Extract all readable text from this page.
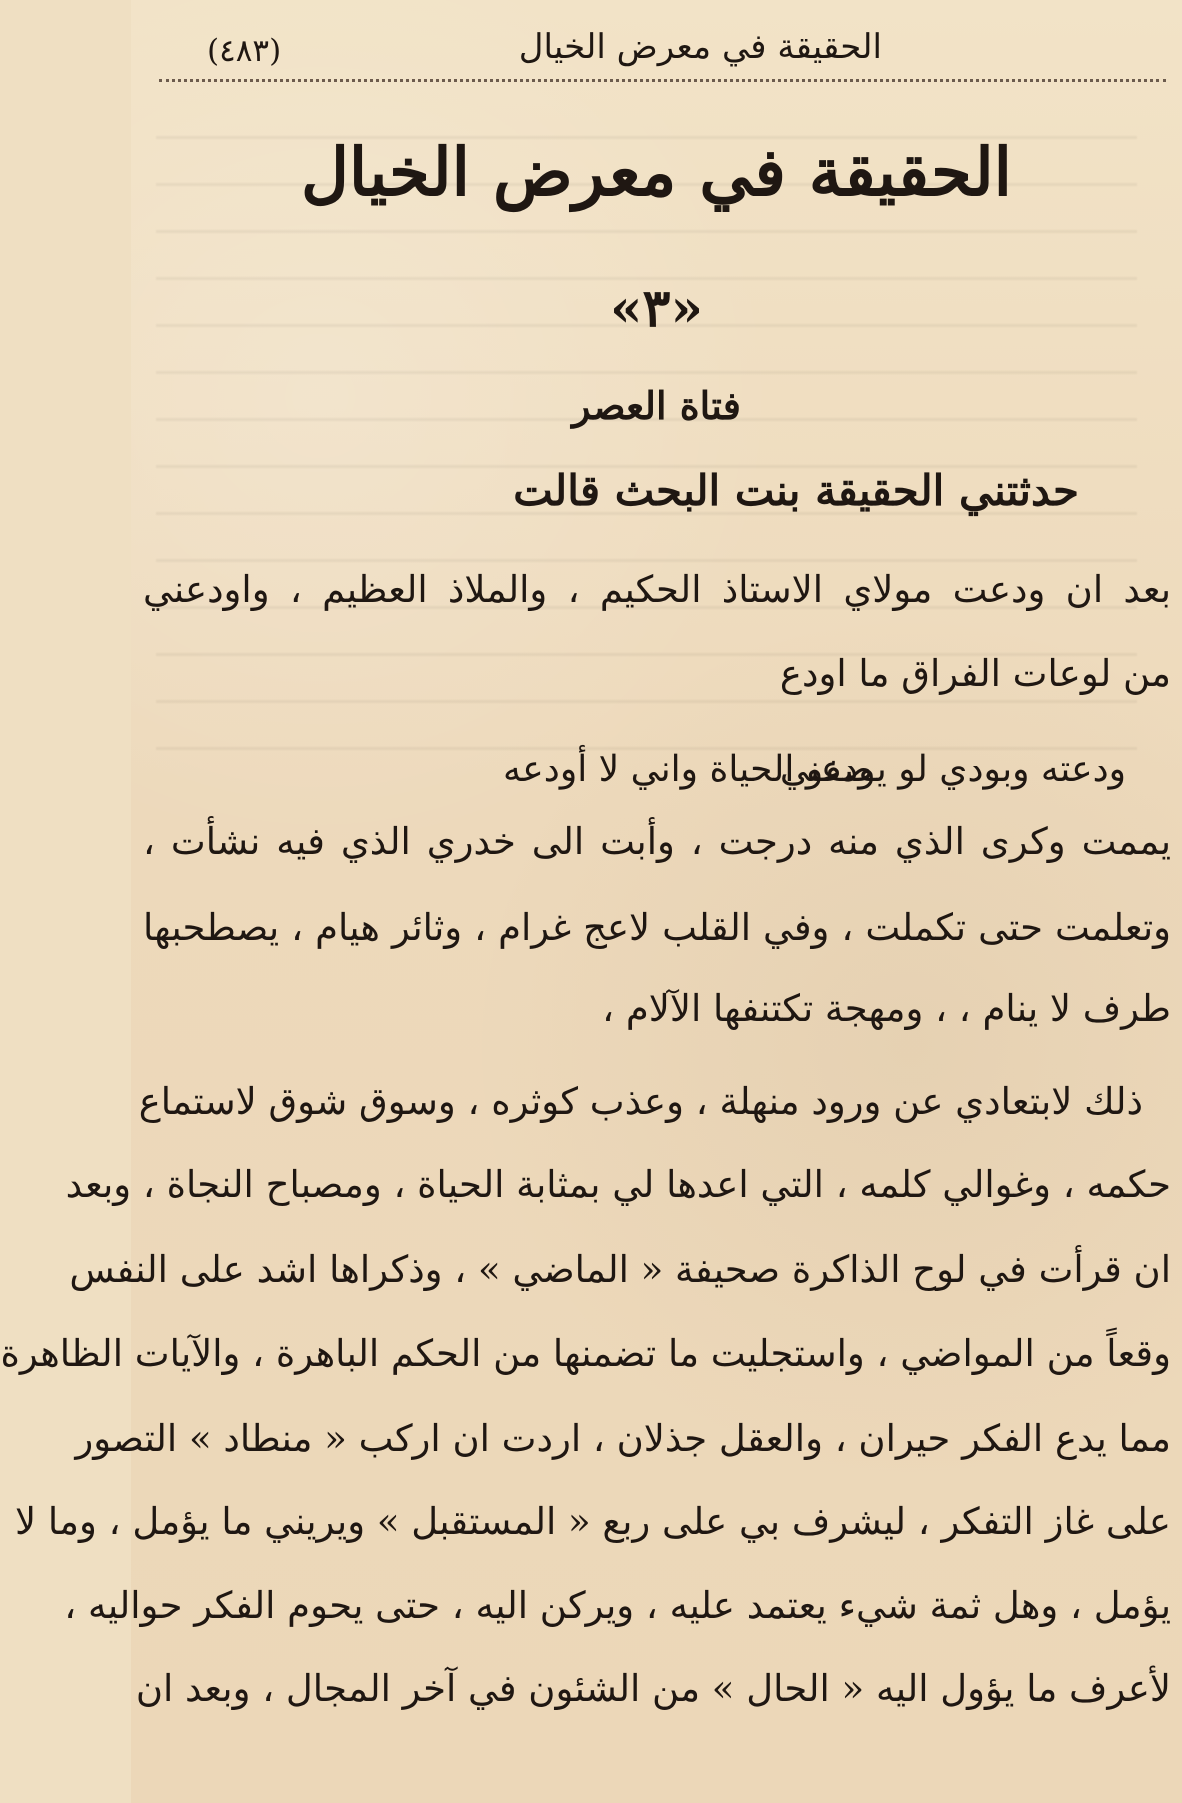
الحقيقة في معرض الخيال
(٤٨٣)
الحقيقة في معرض الخيال
«٣»
فتاة العصر
حدثتني الحقيقة بنت البحث قالت
بعد ان ودعت مولاي الاستاذ الحكيم ، والملاذ العظيم ، واودعني
من لوعات الفراق ما اودع
ودعته وبودي لو يودعني
صفو الحياة واني لا أودعه
يممت وكرى الذي منه درجت ، وأبت الى خدري الذي فيه نشأت ،
وتعلمت حتى تكملت ، وفي القلب لاعج غرام ، وثائر هيام ، يصطحبها
طرف لا ينام ، ، ومهجة تكتنفها الآلام ،
ذلك لابتعادي عن ورود منهلة ، وعذب كوثره ، وسوق شوق لاستماع
حكمه ، وغوالي كلمه ، التي اعدها لي بمثابة الحياة ، ومصباح النجاة ، وبعد
ان قرأت في لوح الذاكرة صحيفة « الماضي » ، وذكراها اشد على النفس
وقعاً من المواضي ، واستجليت ما تضمنها من الحكم الباهرة ، والآيات الظاهرة
مما يدع الفكر حيران ، والعقل جذلان ، اردت ان اركب « منطاد » التصور
على غاز التفكر ، ليشرف بي على ربع « المستقبل » ويريني ما يؤمل ، وما لا
يؤمل ، وهل ثمة شيء يعتمد عليه ، ويركن اليه ، حتى يحوم الفكر حواليه ،
لأعرف ما يؤول اليه « الحال » من الشئون في آخر المجال ، وبعد ان
